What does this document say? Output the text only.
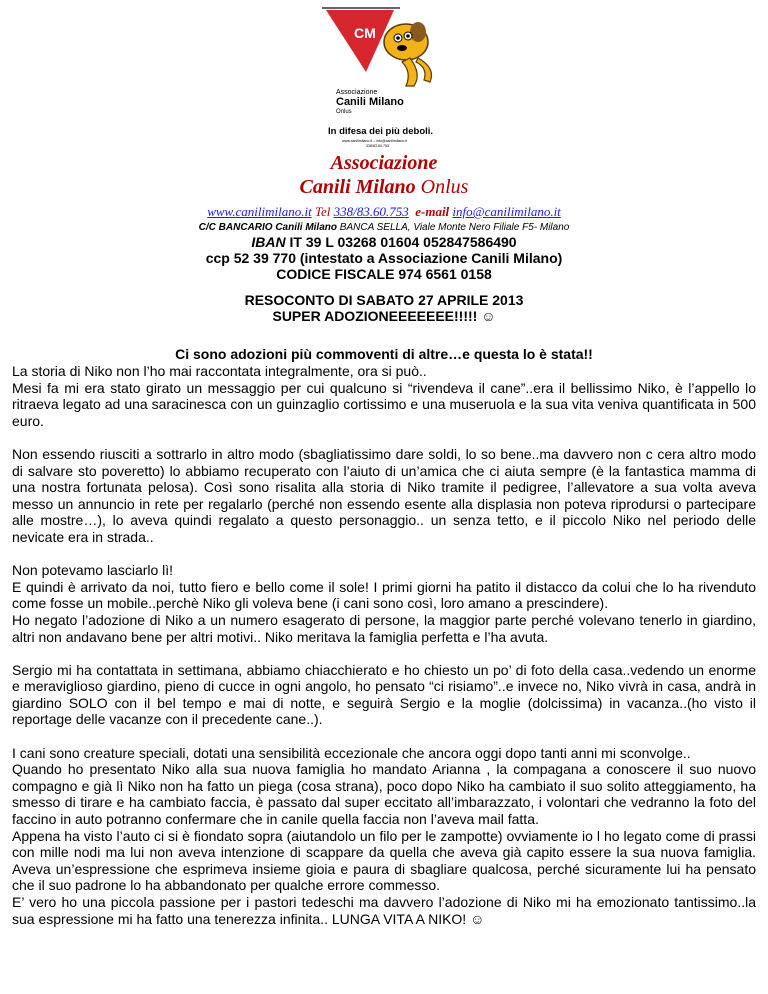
CM
Associazione
Canili Milano
Onlus
In difesa dei più deboli.
www.canilimilano.it – info@canilimilano.it
338/83.60.753
Associazione
Canili Milano Onlus
www.canilimilano.it Tel 338/83.60.753 e-mail info@canilimilano.it
C/C BANCARIO Canili Milano BANCA SELLA, Viale Monte Nero Filiale F5- Milano
IBAN IT 39 L 03268 01604 052847586490
ccp 52 39 770 (intestato a Associazione Canili Milano)
CODICE FISCALE 974 6561 0158
RESOCONTO DI SABATO 27 APRILE 2013
SUPER ADOZIONEEEEEEE!!!!! ☺
Ci sono adozioni più commoventi di altre…e questa lo è stata!!

La storia di Niko non l’ho mai raccontata integralmente, ora si può..

Mesi fa mi era stato girato un messaggio per cui qualcuno si “rivendeva il cane”..era il bellissimo Niko, è l’appello lo ritraeva legato ad una saracinesca con un guinzaglio cortissimo e una museruola e la sua vita veniva quantificata in 500 euro.

Non essendo riusciti a sottrarlo in altro modo (sbagliatissimo dare soldi, lo so bene..ma davvero non c cera altro modo di salvare sto poveretto) lo abbiamo recuperato con l’aiuto di un’amica che ci aiuta sempre (è la fantastica mamma di una nostra fortunata pelosa). Così sono risalita alla storia di Niko tramite il pedigree, l’allevatore a sua volta aveva messo un annuncio in rete per regalarlo (perché non essendo esente alla displasia non poteva riprodursi o partecipare alle mostre…), lo aveva quindi regalato a questo personaggio.. un senza tetto, e il piccolo Niko nel periodo delle nevicate era in strada..

Non potevamo lasciarlo lì!

E quindi è arrivato da noi, tutto fiero e bello come il sole! I primi giorni ha patito il distacco da colui che lo ha rivenduto come fosse un mobile..perchè Niko gli voleva bene (i cani sono così, loro amano a prescindere).

Ho negato l’adozione di Niko a un numero esagerato di persone, la maggior parte perché volevano tenerlo in giardino, altri non andavano bene per altri motivi.. Niko meritava la famiglia perfetta e l’ha avuta.

Sergio mi ha contattata in settimana, abbiamo chiacchierato e ho chiesto un po’ di foto della casa..vedendo un enorme e meraviglioso giardino, pieno di cucce in ogni angolo, ho pensato “ci risiamo”..e invece no, Niko vivrà in casa, andrà in giardino SOLO con il bel tempo e mai di notte, e seguirà Sergio e la moglie (dolcissima) in vacanza..(ho visto il reportage delle vacanze con il precedente cane..).

I cani sono creature speciali, dotati una sensibilità eccezionale che ancora oggi dopo tanti anni mi sconvolge..

Quando ho presentato Niko alla sua nuova famiglia ho mandato Arianna , la compagana a conoscere il suo nuovo compagno e già lì Niko non ha fatto un piega (cosa strana), poco dopo Niko ha cambiato il suo solito atteggiamento, ha smesso di tirare e ha cambiato faccia, è passato dal super eccitato all’imbarazzato, i volontari che vedranno la foto del faccino in auto potranno confermare che in canile quella faccia non l’aveva mail fatta.

Appena ha visto l’auto ci si è fiondato sopra (aiutandolo un filo per le zampotte) ovviamente io l ho legato come di prassi con mille nodi ma lui non aveva intenzione di scappare da quella che aveva già capito essere la sua nuova famiglia. Aveva un’espressione che esprimeva insieme gioia e paura di sbagliare qualcosa, perché sicuramente lui ha pensato che il suo padrone lo ha abbandonato per qualche errore commesso.

E’ vero ho una piccola passione per i pastori tedeschi ma davvero l’adozione di Niko mi ha emozionato tantissimo..la sua espressione mi ha fatto una tenerezza infinita.. LUNGA VITA A NIKO! ☺
